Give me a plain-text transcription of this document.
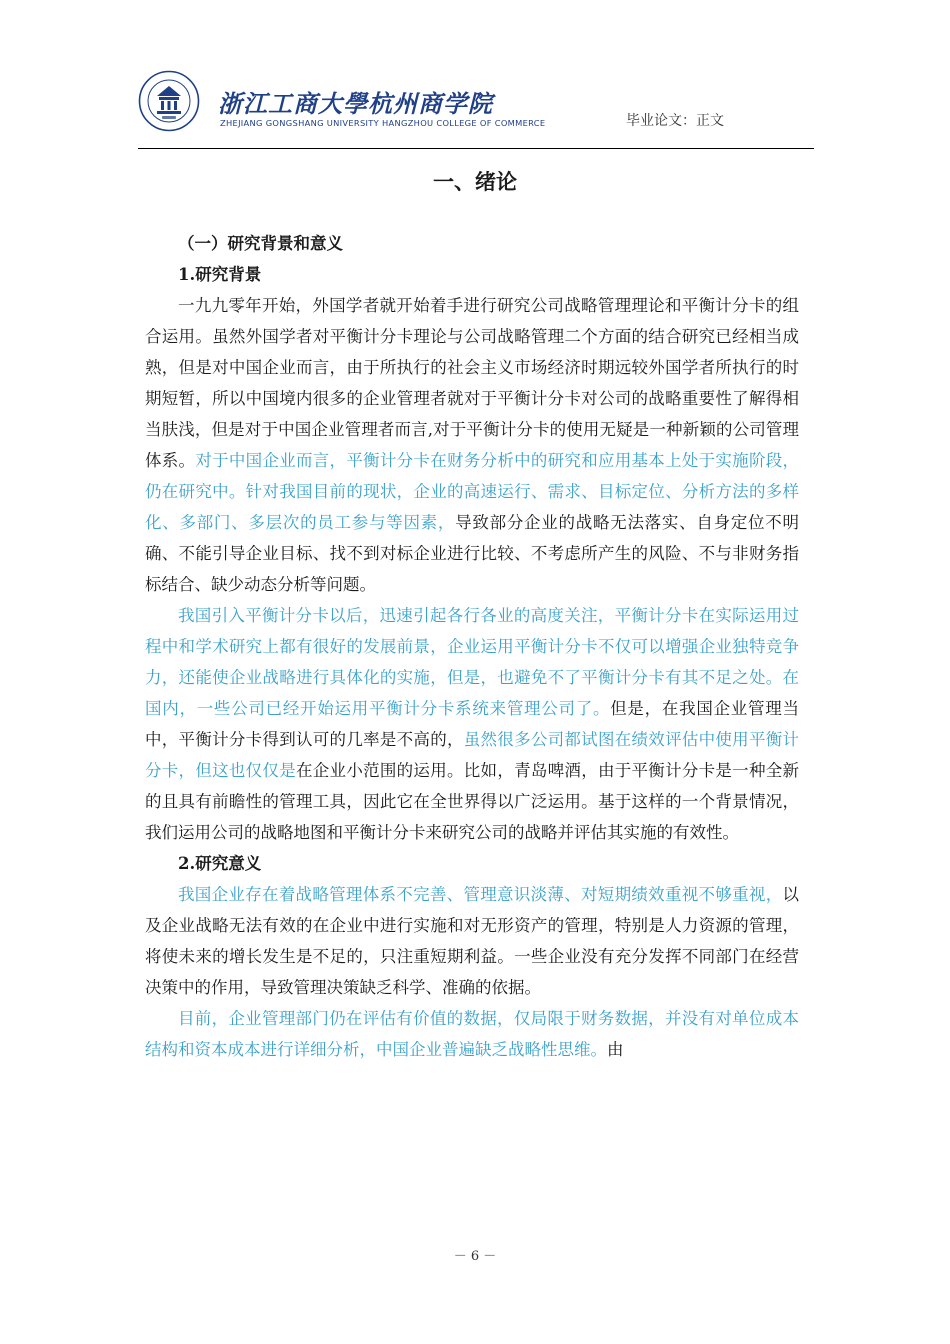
浙江工商大學杭州商学院
ZHEJIANG GONGSHANG UNIVERSITY HANGZHOU COLLEGE OF COMMERCE	毕业论文：正文
一、绪论

（一）研究背景和意义

1.研究背景

一九九零年开始，外国学者就开始着手进行研究公司战略管理理论和平衡计分卡的组合运用。虽然外国学者对平衡计分卡理论与公司战略管理二个方面的结合研究已经相当成熟，但是对中国企业而言，由于所执行的社会主义市场经济时期远较外国学者所执行的时期短暂，所以中国境内很多的企业管理者就对于平衡计分卡对公司的战略重要性了解得相当肤浅，但是对于中国企业管理者而言,对于平衡计分卡的使用无疑是一种新颖的公司管理体系。对于中国企业而言，平衡计分卡在财务分析中的研究和应用基本上处于实施阶段，仍在研究中。针对我国目前的现状，企业的高速运行、需求、目标定位、分析方法的多样化、多部门、多层次的员工参与等因素，导致部分企业的战略无法落实、自身定位不明确、不能引导企业目标、找不到对标企业进行比较、不考虑所产生的风险、不与非财务指标结合、缺少动态分析等问题。

我国引入平衡计分卡以后，迅速引起各行各业的高度关注，平衡计分卡在实际运用过程中和学术研究上都有很好的发展前景，企业运用平衡计分卡不仅可以增强企业独特竞争力，还能使企业战略进行具体化的实施，但是，也避免不了平衡计分卡有其不足之处。在国内，一些公司已经开始运用平衡计分卡系统来管理公司了。但是，在我国企业管理当中，平衡计分卡得到认可的几率是不高的，虽然很多公司都试图在绩效评估中使用平衡计分卡，但这也仅仅是在企业小范围的运用。比如，青岛啤酒，由于平衡计分卡是一种全新的且具有前瞻性的管理工具，因此它在全世界得以广泛运用。基于这样的一个背景情况，我们运用公司的战略地图和平衡计分卡来研究公司的战略并评估其实施的有效性。

2.研究意义

我国企业存在着战略管理体系不完善、管理意识淡薄、对短期绩效重视不够重视，以及企业战略无法有效的在企业中进行实施和对无形资产的管理，特别是人力资源的管理，将使未来的增长发生是不足的，只注重短期利益。一些企业没有充分发挥不同部门在经营决策中的作用，导致管理决策缺乏科学、准确的依据。

目前，企业管理部门仍在评估有价值的数据，仅局限于财务数据，并没有对单位成本结构和资本成本进行详细分析，中国企业普遍缺乏战略性思维。由

－ 6 －
